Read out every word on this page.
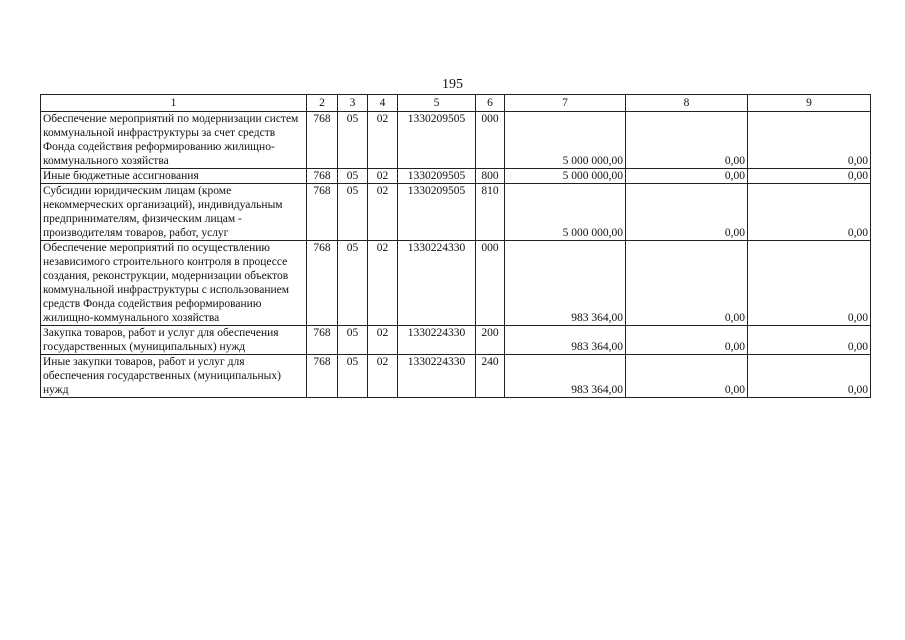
195
1	2	3	4	5	6	7	8	9
Обеспечение мероприятий по модернизации систем коммунальной инфраструктуры за счет средств Фонда содействия реформированию жилищно-коммунального хозяйства	768	05	02	1330209505	000	5 000 000,00	0,00	0,00
Иные бюджетные ассигнования	768	05	02	1330209505	800	5 000 000,00	0,00	0,00
Субсидии юридическим лицам (кроме некоммерческих организаций), индивидуальным предпринимателям, физическим лицам - производителям товаров, работ, услуг	768	05	02	1330209505	810	5 000 000,00	0,00	0,00
Обеспечение мероприятий по осуществлению независимого строительного контроля в процессе создания, реконструкции, модернизации объектов коммунальной инфраструктуры с использованием средств Фонда содействия реформированию жилищно-коммунального хозяйства	768	05	02	1330224330	000	983 364,00	0,00	0,00
Закупка товаров, работ и услуг для обеспечения государственных (муниципальных) нужд	768	05	02	1330224330	200	983 364,00	0,00	0,00
Иные закупки товаров, работ и услуг для обеспечения государственных (муниципальных) нужд	768	05	02	1330224330	240	983 364,00	0,00	0,00
